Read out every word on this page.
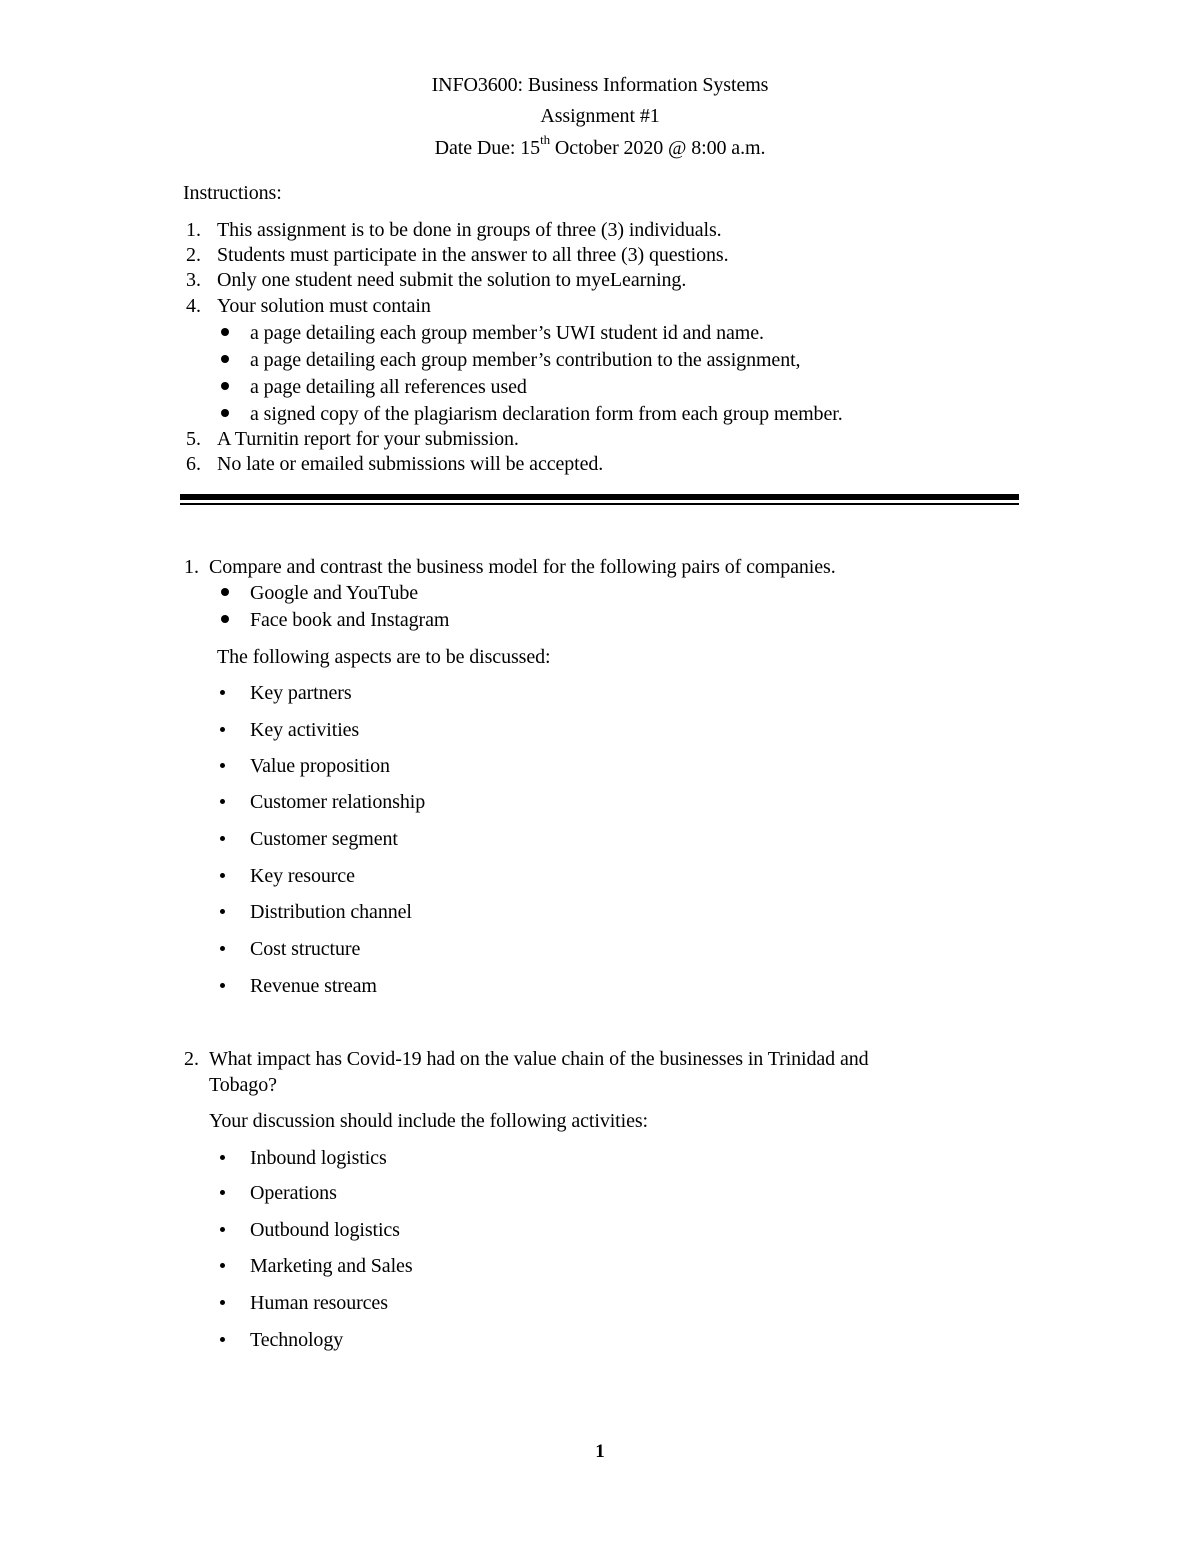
INFO3600: Business Information Systems
Assignment #1
Date Due: 15th October 2020 @ 8:00 a.m.
Instructions:
1. This assignment is to be done in groups of three (3) individuals.
2. Students must participate in the answer to all three (3) questions.
3. Only one student need submit the solution to myeLearning.
4. Your solution must contain
a page detailing each group member’s UWI student id and name.
a page detailing each group member’s contribution to the assignment,
a page detailing all references used
a signed copy of the plagiarism declaration form from each group member.
5. A Turnitin report for your submission.
6. No late or emailed submissions will be accepted.
1. Compare and contrast the business model for the following pairs of companies.
Google and YouTube
Face book and Instagram
The following aspects are to be discussed:
Key partners
Key activities
Value proposition
Customer relationship
Customer segment
Key resource
Distribution channel
Cost structure
Revenue stream
2. What impact has Covid-19 had on the value chain of the businesses in Trinidad and
Tobago?
Your discussion should include the following activities:
Inbound logistics
Operations
Outbound logistics
Marketing and Sales
Human resources
Technology
1
